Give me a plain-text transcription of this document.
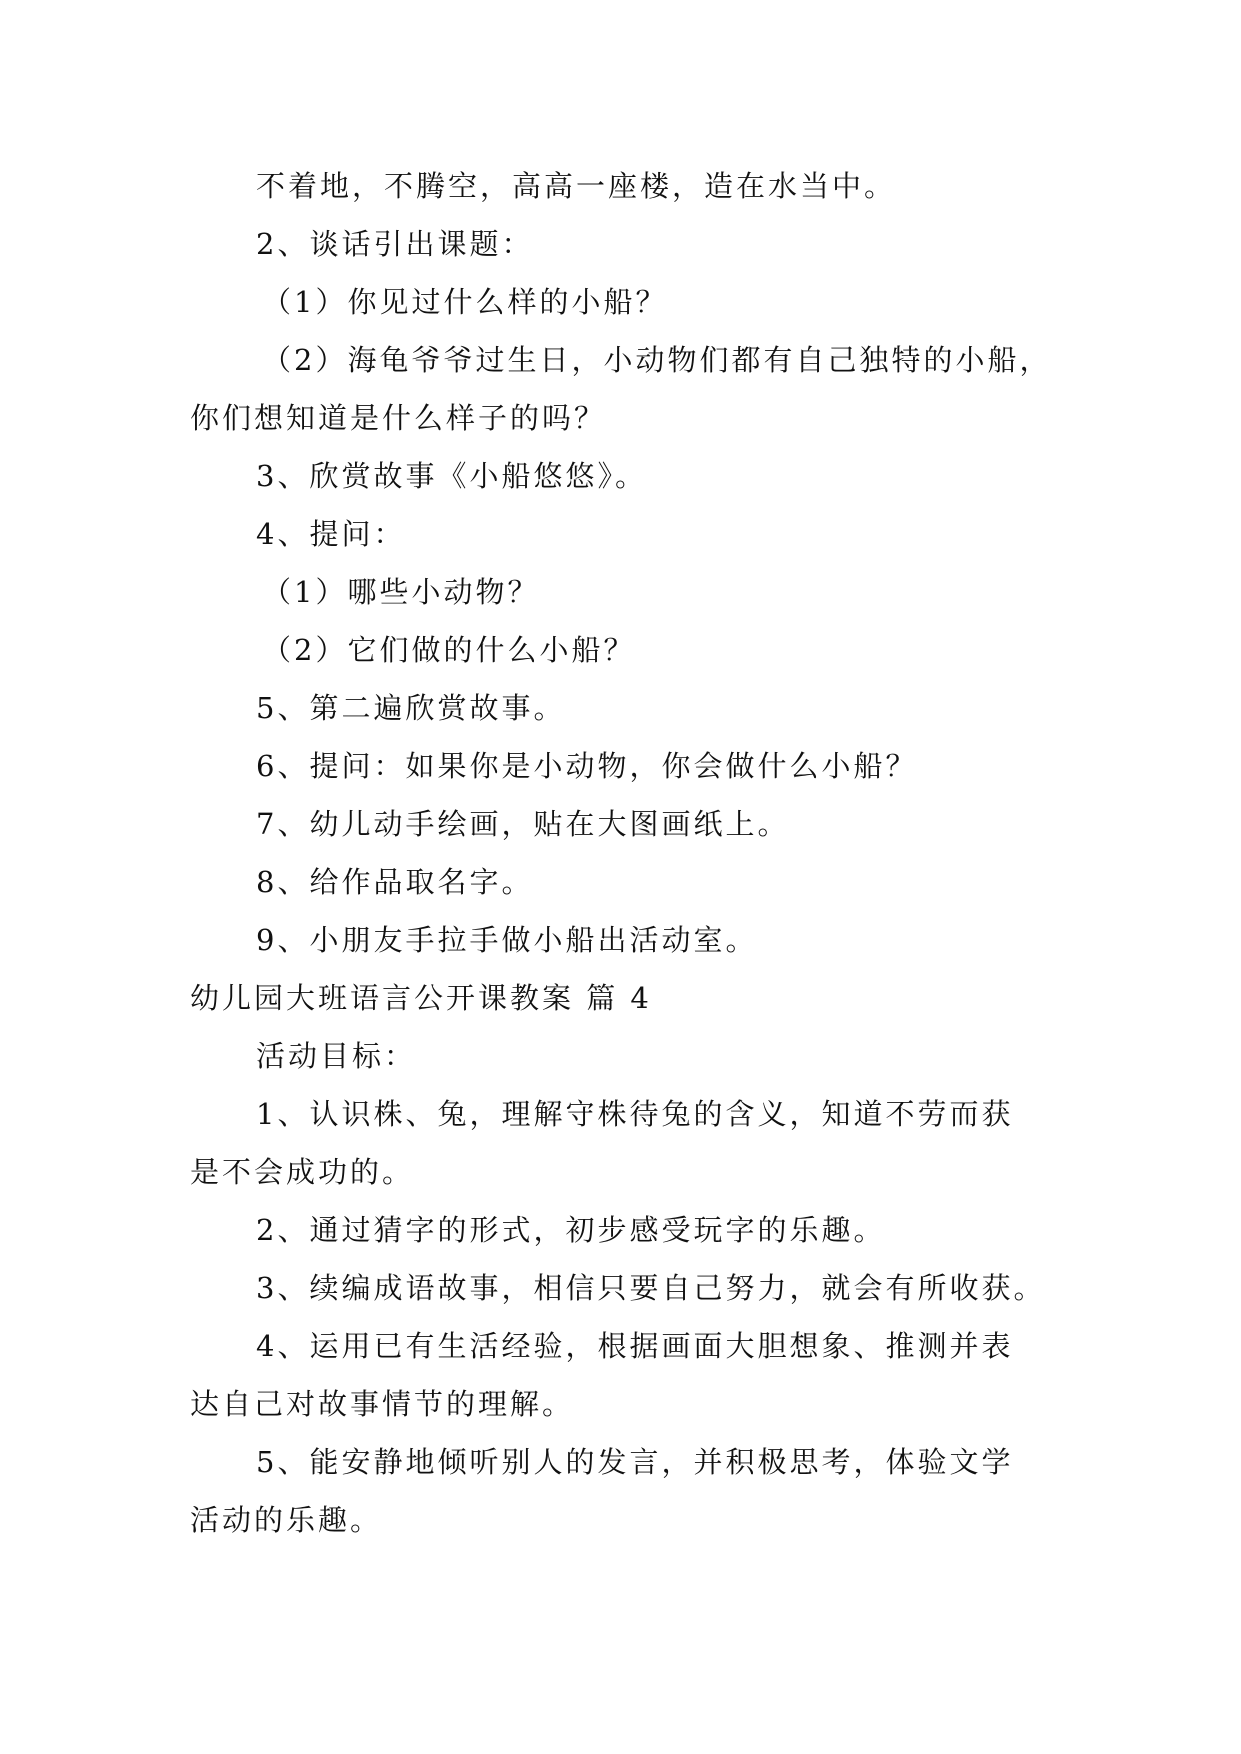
不着地，不腾空，高高一座楼，造在水当中。
2、谈话引出课题：
（1）你见过什么样的小船？
（2）海龟爷爷过生日，小动物们都有自己独特的小船，
你们想知道是什么样子的吗？
3、欣赏故事《小船悠悠》。
4、提问：
（1）哪些小动物？
（2）它们做的什么小船？
5、第二遍欣赏故事。
6、提问：如果你是小动物，你会做什么小船？
7、幼儿动手绘画，贴在大图画纸上。
8、给作品取名字。
9、小朋友手拉手做小船出活动室。
幼儿园大班语言公开课教案 篇 4
活动目标：
1、认识株、兔，理解守株待兔的含义，知道不劳而获
是不会成功的。
2、通过猜字的形式，初步感受玩字的乐趣。
3、续编成语故事，相信只要自己努力，就会有所收获。
4、运用已有生活经验，根据画面大胆想象、推测并表
达自己对故事情节的理解。
5、能安静地倾听别人的发言，并积极思考，体验文学
活动的乐趣。
